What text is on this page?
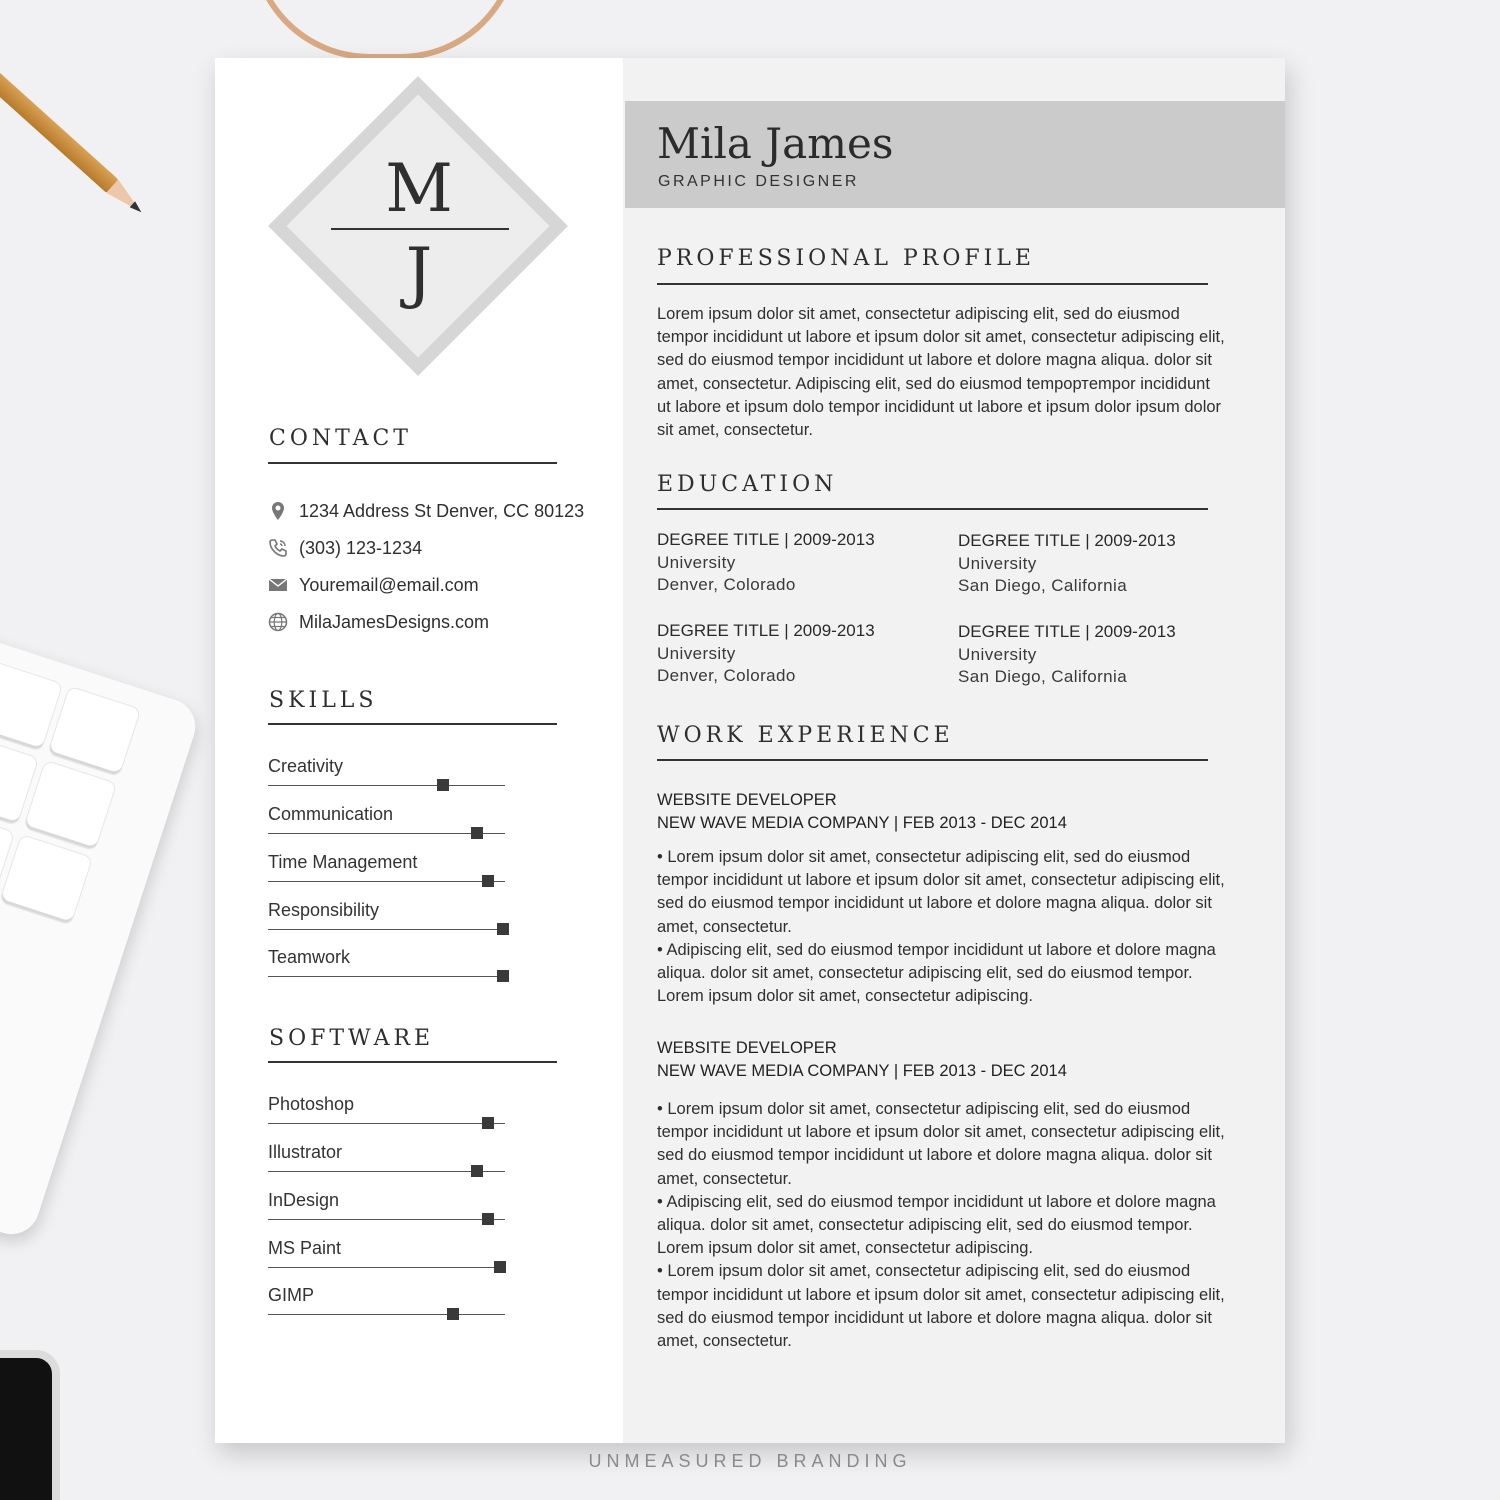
M
J
CONTACT
1234 Address St Denver, CC 80123
(303) 123-1234
Youremail@email.com
MilaJamesDesigns.com
SKILLS
Creativity
Communication
Time Management
Responsibility
Teamwork
SOFTWARE
Photoshop
Illustrator
InDesign
MS Paint
GIMP
Mila James
GRAPHIC DESIGNER
PROFESSIONAL PROFILE
Lorem ipsum dolor sit amet, consectetur adipiscing elit, sed do eiusmod tempor incididunt ut labore et ipsum dolor sit amet, consectetur adipiscing elit, sed do eiusmod tempor incididunt ut labore et dolore magna aliqua. dolor sit amet, consectetur. Adipiscing elit, sed do eiusmod tempортempor incididunt ut labore et ipsum dolo tempor incididunt ut labore et ipsum dolor ipsum dolor sit amet, consectetur.
EDUCATION
DEGREE TITLE | 2009-2013
University
Denver, Colorado
DEGREE TITLE | 2009-2013
University
San Diego, California
DEGREE TITLE | 2009-2013
University
Denver, Colorado
DEGREE TITLE | 2009-2013
University
San Diego, California
WORK EXPERIENCE
WEBSITE DEVELOPER
NEW WAVE MEDIA COMPANY | FEB 2013 - DEC 2014
• Lorem ipsum dolor sit amet, consectetur adipiscing elit, sed do eiusmod tempor incididunt ut labore et ipsum dolor sit amet, consectetur adipiscing elit, sed do eiusmod tempor incididunt ut labore et dolore magna aliqua. dolor sit amet, consectetur.
• Adipiscing elit, sed do eiusmod tempor incididunt ut labore et dolore magna aliqua. dolor sit amet, consectetur adipiscing elit, sed do eiusmod tempor. Lorem ipsum dolor sit amet, consectetur adipiscing.
WEBSITE DEVELOPER
NEW WAVE MEDIA COMPANY | FEB 2013 - DEC 2014
• Lorem ipsum dolor sit amet, consectetur adipiscing elit, sed do eiusmod tempor incididunt ut labore et ipsum dolor sit amet, consectetur adipiscing elit, sed do eiusmod tempor incididunt ut labore et dolore magna aliqua. dolor sit amet, consectetur.
• Adipiscing elit, sed do eiusmod tempor incididunt ut labore et dolore magna aliqua. dolor sit amet, consectetur adipiscing elit, sed do eiusmod tempor. Lorem ipsum dolor sit amet, consectetur adipiscing.
• Lorem ipsum dolor sit amet, consectetur adipiscing elit, sed do eiusmod tempor incididunt ut labore et ipsum dolor sit amet, consectetur adipiscing elit, sed do eiusmod tempor incididunt ut labore et dolore magna aliqua. dolor sit amet, consectetur.
UNMEASURED BRANDING
